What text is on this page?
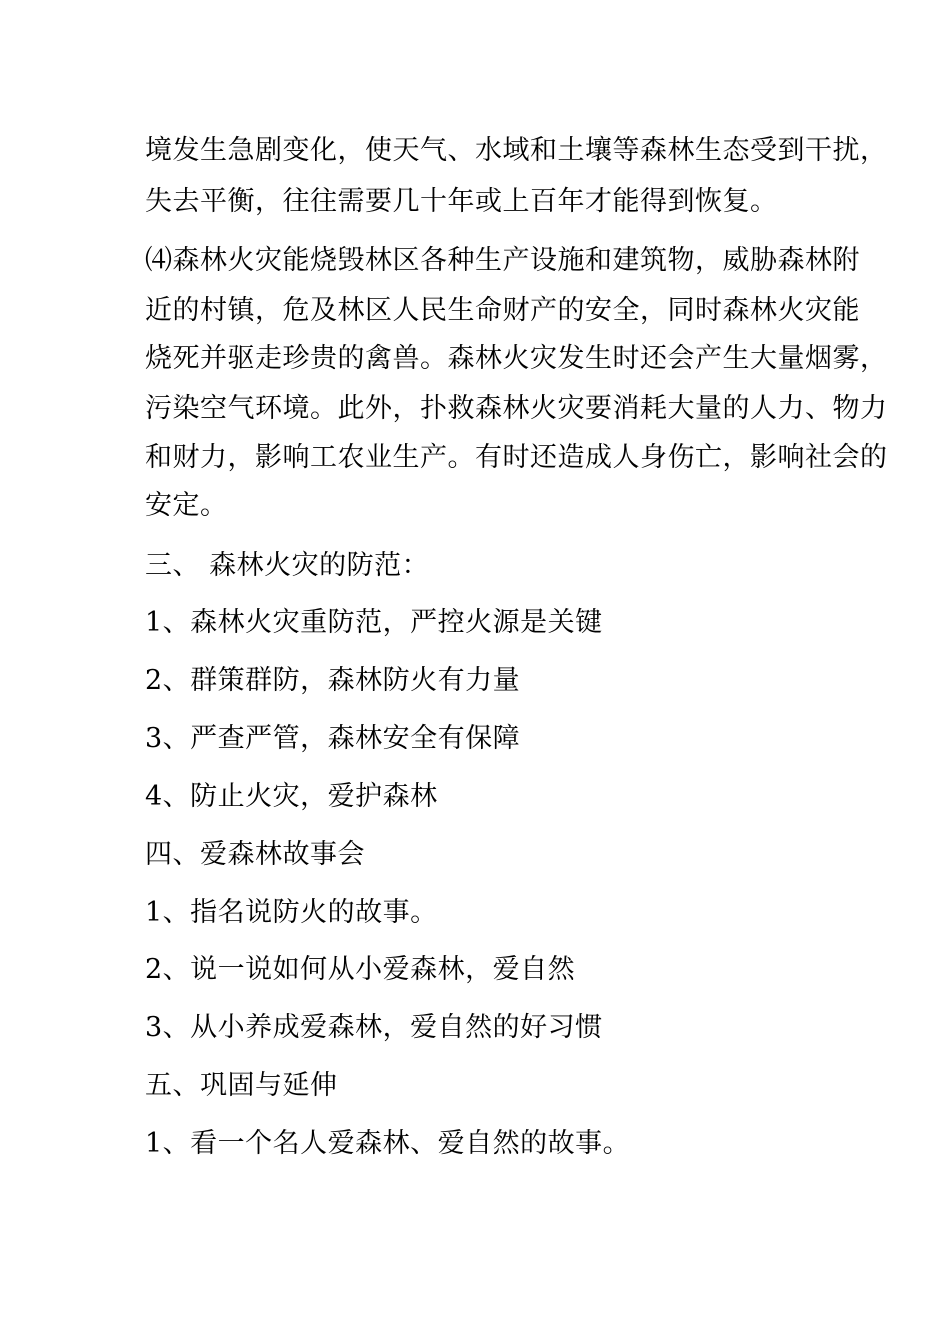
境发生急剧变化，使天气、水域和土壤等森林生态受到干扰，
失去平衡，往往需要几十年或上百年才能得到恢复。
⑷森林火灾能烧毁林区各种生产设施和建筑物，威胁森林附
近的村镇，危及林区人民生命财产的安全，同时森林火灾能
烧死并驱走珍贵的禽兽。森林火灾发生时还会产生大量烟雾，
污染空气环境。此外，扑救森林火灾要消耗大量的人力、物力
和财力，影响工农业生产。有时还造成人身伤亡，影响社会的
安定。
三、 森林火灾的防范：
1、森林火灾重防范，严控火源是关键
2、群策群防，森林防火有力量
3、严查严管，森林安全有保障
4、防止火灾，爱护森林
四、爱森林故事会
1、指名说防火的故事。
2、说一说如何从小爱森林，爱自然
3、从小养成爱森林，爱自然的好习惯
五、巩固与延伸
1、看一个名人爱森林、爱自然的故事。
